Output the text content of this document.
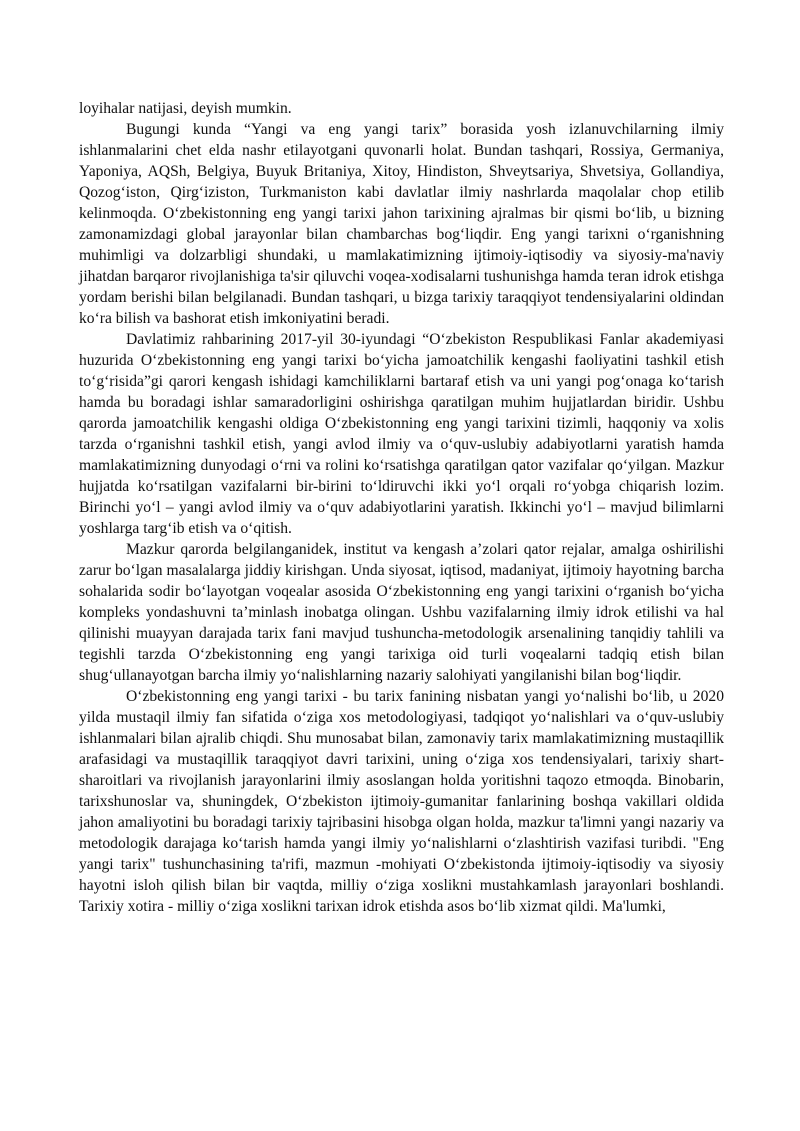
loyihalar natijasi, deyish mumkin.

Bugungi kunda “Yangi va eng yangi tarix” borasida yosh izlanuvchilarning ilmiy ishlanmalarini chet elda nashr etilayotgani quvonarli holat. Bundan tashqari, Rossiya, Germaniya, Yaponiya, AQSh, Belgiya, Buyuk Britaniya, Xitoy, Hindiston, Shveytsariya, Shvetsiya, Gollandiya, Qozog‘iston, Qirg‘iziston, Turkmaniston kabi davlatlar ilmiy nashrlarda maqolalar chop etilib kelinmoqda. O‘zbekistonning eng yangi tarixi jahon tarixining ajralmas bir qismi bo‘lib, u bizning zamonamizdagi global jarayonlar bilan chambarchas bog‘liqdir. Eng yangi tarixni o‘rganishning muhimligi va dolzarbligi shundaki, u mamlakatimizning ijtimoiy-iqtisodiy va siyosiy-ma'naviy jihatdan barqaror rivojlanishiga ta'sir qiluvchi voqea-xodisalarni tushunishga hamda teran idrok etishga yordam berishi bilan belgilanadi. Bundan tashqari, u bizga tarixiy taraqqiyot tendensiyalarini oldindan ko‘ra bilish va bashorat etish imkoniyatini beradi.

Davlatimiz rahbarining 2017-yil 30-iyundagi “O‘zbekiston Respublikasi Fanlar akademiyasi huzurida O‘zbekistonning eng yangi tarixi bo‘yicha jamoatchilik kengashi faoliyatini tashkil etish to‘g‘risida”gi qarori kengash ishidagi kamchiliklarni bartaraf etish va uni yangi pog‘onaga ko‘tarish hamda bu boradagi ishlar samaradorligini oshirishga qaratilgan muhim hujjatlardan biridir. Ushbu qarorda jamoatchilik kengashi oldiga O‘zbekistonning eng yangi tarixini tizimli, haqqoniy va xolis tarzda o‘rganishni tashkil etish, yangi avlod ilmiy va o‘quv-uslubiy adabiyotlarni yaratish hamda mamlakatimizning dunyodagi o‘rni va rolini ko‘rsatishga qaratilgan qator vazifalar qo‘yilgan. Mazkur hujjatda ko‘rsatilgan vazifalarni bir-birini to‘ldiruvchi ikki yo‘l orqali ro‘yobga chiqarish lozim. Birinchi yo‘l – yangi avlod ilmiy va o‘quv adabiyotlarini yaratish. Ikkinchi yo‘l – mavjud bilimlarni yoshlarga targ‘ib etish va o‘qitish.

Mazkur qarorda belgilanganidek, institut va kengash a’zolari qator rejalar, amalga oshirilishi zarur bo‘lgan masalalarga jiddiy kirishgan. Unda siyosat, iqtisod, madaniyat, ijtimoiy hayotning barcha sohalarida sodir bo‘layotgan voqealar asosida O‘zbekistonning eng yangi tarixini o‘rganish bo‘yicha kompleks yondashuvni ta’minlash inobatga olingan. Ushbu vazifalarning ilmiy idrok etilishi va hal qilinishi muayyan darajada tarix fani mavjud tushuncha-metodologik arsenalining tanqidiy tahlili va tegishli tarzda O‘zbekistonning eng yangi tarixiga oid turli voqealarni tadqiq etish bilan shug‘ullanayotgan barcha ilmiy yo‘nalishlarning nazariy salohiyati yangilanishi bilan bog‘liqdir.

O‘zbekistonning eng yangi tarixi - bu tarix fanining nisbatan yangi yo‘nalishi bo‘lib, u 2020 yilda mustaqil ilmiy fan sifatida o‘ziga xos metodologiyasi, tadqiqot yo‘nalishlari va o‘quv-uslubiy ishlanmalari bilan ajralib chiqdi. Shu munosabat bilan, zamonaviy tarix mamlakatimizning mustaqillik arafasidagi va mustaqillik taraqqiyot davri tarixini, uning o‘ziga xos tendensiyalari, tarixiy shart-sharoitlari va rivojlanish jarayonlarini ilmiy asoslangan holda yoritishni taqozo etmoqda. Binobarin, tarixshunoslar va, shuningdek, O‘zbekiston ijtimoiy-gumanitar fanlarining boshqa vakillari oldida jahon amaliyotini bu boradagi tarixiy tajribasini hisobga olgan holda, mazkur ta'limni yangi nazariy va metodologik darajaga ko‘tarish hamda yangi ilmiy yo‘nalishlarni o‘zlashtirish vazifasi turibdi. "Eng yangi tarix" tushunchasining ta'rifi, mazmun -mohiyati O‘zbekistonda ijtimoiy-iqtisodiy va siyosiy hayotni isloh qilish bilan bir vaqtda, milliy o‘ziga xoslikni mustahkamlash jarayonlari boshlandi. Tarixiy xotira - milliy o‘ziga xoslikni tarixan idrok etishda asos bo‘lib xizmat qildi. Ma'lumki,
